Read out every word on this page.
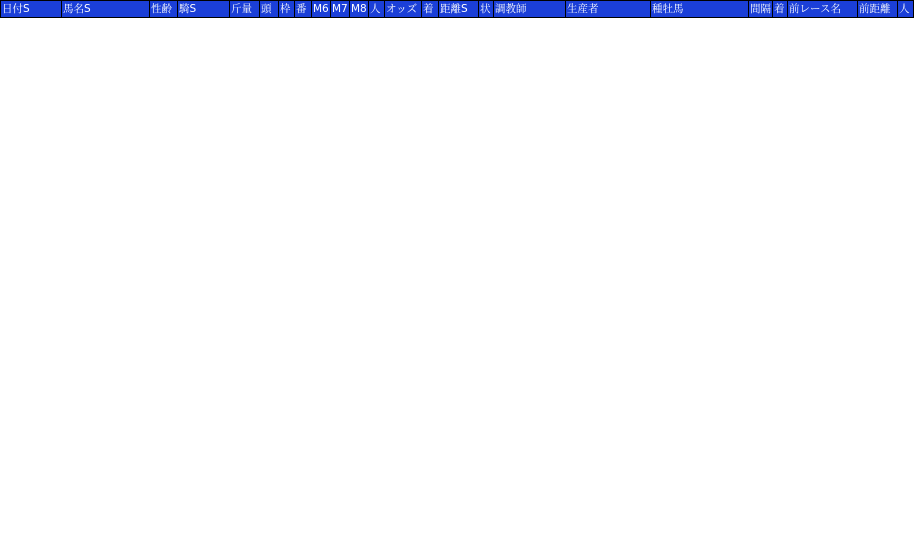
日付S	馬名S	性齢	騎S	斤量	頭	枠	番	M6	M7	M8	人	オッズ	着	距離S	状	調教師	生産者	種牡馬	間隔	着	前レース名	前距離	人
